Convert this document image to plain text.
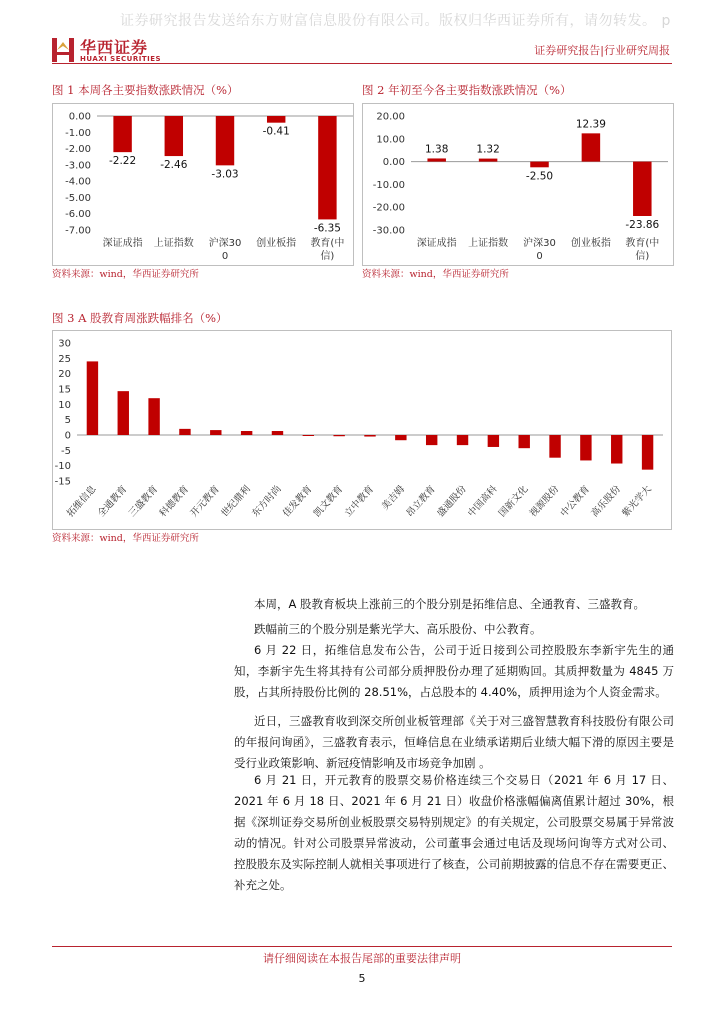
证券研究报告发送给东方财富信息股份有限公司。版权归华西证券所有，请勿转发。 p
华西证券
HUAXI SECURITIES
证券研究报告|行业研究周报
图 1 本周各主要指数涨跌情况（%）
0.00
-1.00
-2.00
-3.00
-4.00
-5.00
-6.00
-7.00
-2.22 -2.46
-3.03
-0.41
-6.35
深证成指 上证指数 沪深30 0
创业板指 教育(中信)
资料来源：wind，华西证券研究所
图 2 年初至今各主要指数涨跌情况（%）
20.00
10.00
0.00
-10.00
-20.00
-30.00
1.38	1.32
-2.50
12.39
-23.86
深证成指 上证指数 沪深30 0
创业板指 教育(中信)
资料来源：wind，华西证券研究所
图 3 A 股教育周涨跌幅排名（%）
30
25
20
15
10
5
0
-5
-10
-15
拓维信息
全通教育
三盛教育
科德教育
开元教育
世纪鼎利
东方时尚
佳发教育
凯文教育
立中教育 美吉姆
昂立教育
盛通股份
中国高科
国新文化
视源股份
中公教育
高乐股份
紫光学大
资料来源：wind，华西证券研究所
本周，A 股教育板块上涨前三的个股分别是拓维信息、全通教育、三盛教育。
跌幅前三的个股分别是紫光学大、高乐股份、中公教育。
6 月 22 日，拓维信息发布公告，公司于近日接到公司控股股东李新宇先生的通知，李新宇先生将其持有公司部分质押股份办理了延期购回。其质押数量为 4845 万股，占其所持股份比例的 28.51%，占总股本的 4.40%，质押用途为个人资金需求。
近日，三盛教育收到深交所创业板管理部《关于对三盛智慧教育科技股份有限公司的年报问询函》，三盛教育表示，恒峰信息在业绩承诺期后业绩大幅下滑的原因主要是受行业政策影响、新冠疫情影响及市场竞争加剧 。
6 月 21 日，开元教育的股票交易价格连续三个交易日（2021 年 6 月 17 日、2021 年 6 月 18 日、2021 年 6 月 21 日）收盘价格涨幅偏离值累计超过 30%，根据《深圳证券交易所创业板股票交易特别规定》的有关规定，公司股票交易属于异常波动的情况。针对公司股票异常波动，公司董事会通过电话及现场问询等方式对公司、 控股股东及实际控制人就相关事项进行了核查，公司前期披露的信息不存在需要更正、补充之处。
请仔细阅读在本报告尾部的重要法律声明
5
